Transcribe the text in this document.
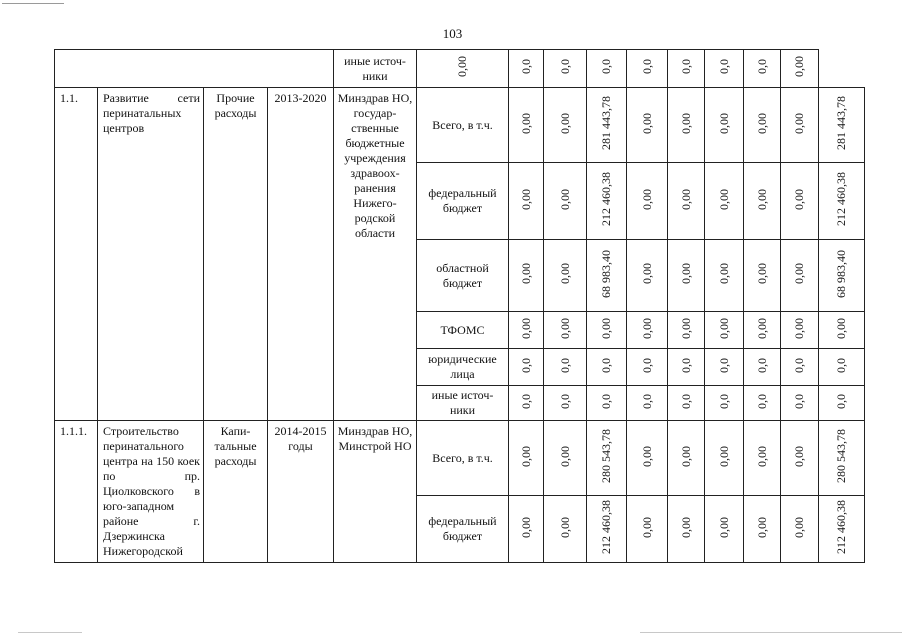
103
				иные источ-ники	0,00	0,0	0,0	0,0	0,0	0,0	0,0	0,0	0,00	
1.1.	Развитие сети перинатальных центров	Прочие расходы	2013-2020	Минздрав НО, государ-ственные бюджетные учреждения здравоох-ранения Нижего-родской области	Всего, в т.ч.	0,00	0,00	281 443,78	0,00	0,00	0,00	0,00	0,00	281 443,78
					федеральный бюджет	0,00	0,00	212 460,38	0,00	0,00	0,00	0,00	0,00	212 460,38
					областной бюджет	0,00	0,00	68 983,40	0,00	0,00	0,00	0,00	0,00	68 983,40
					ТФОМС	0,00	0,00	0,00	0,00	0,00	0,00	0,00	0,00	0,00
					юридические лица	0,0	0,0	0,0	0,0	0,0	0,0	0,0	0,0	0,0
					иные источ-ники	0,0	0,0	0,0	0,0	0,0	0,0	0,0	0,0	0,0
1.1.1.	Строительство перинатального центра на 150 коек по пр. Циолковского в юго-западном районе г. Дзержинска Нижегородской	Капи-тальные расходы	2014-2015 годы	Минздрав НО, Минстрой НО	Всего, в т.ч.	0,00	0,00	280 543,78	0,00	0,00	0,00	0,00	0,00	280 543,78
					федеральный бюджет	0,00	0,00	212 460,38	0,00	0,00	0,00	0,00	0,00	212 460,38
